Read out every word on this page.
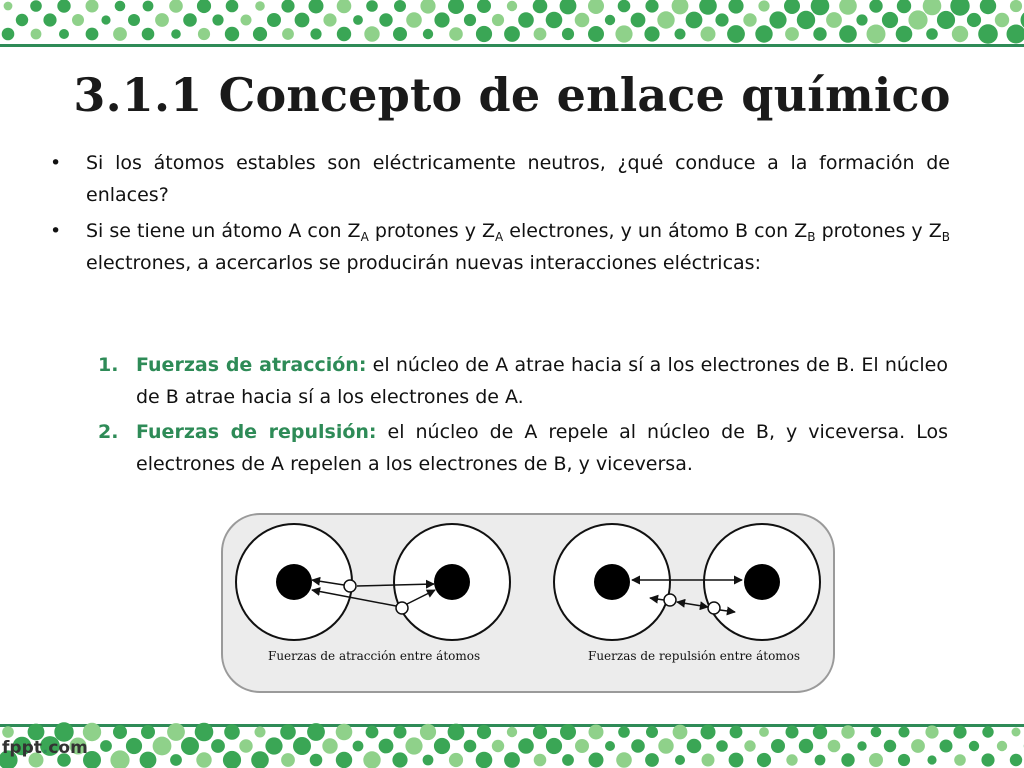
3.1.1 Concepto de enlace químico
• Si los átomos estables son eléctricamente neutros, ¿qué conduce a la formación de enlaces?
• Si se tiene un átomo A con $Z_A$ protones y $Z_A$ electrones, y un átomo B con $Z_B$ protones y $Z_B$ electrones, a acercarlos se producirán nuevas interacciones eléctricas:
1. Fuerzas de atracción: el núcleo de A atrae hacia sí a los electrones de B. El núcleo de B atrae hacia sí a los electrones de A.
2. Fuerzas de repulsión: el núcleo de A repele al núcleo de B, y viceversa. Los electrones de A repelen a los electrones de B, y viceversa.
Fuerzas de atracción entre átomos	Fuerzas de repulsión entre átomos
fppt.com
